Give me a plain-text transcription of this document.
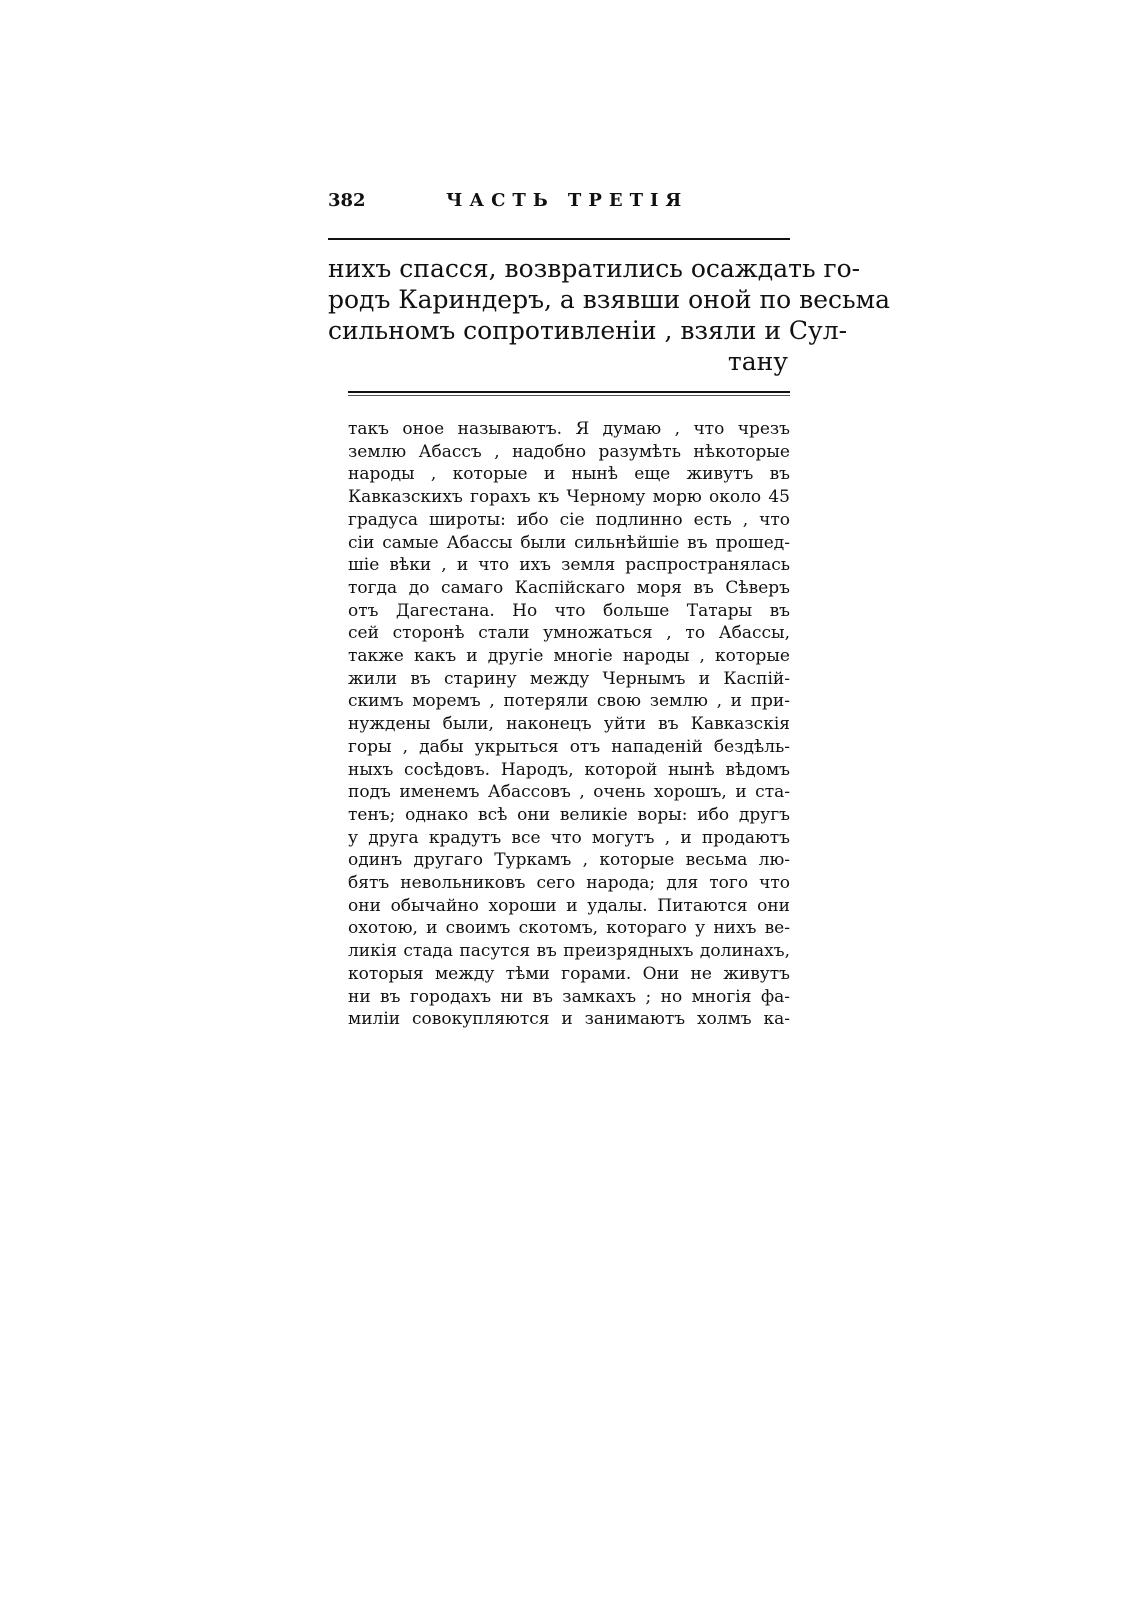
382	ЧАСТЬ ТРЕТІЯ
нихъ спасся, возвратились осаждать го-
родъ Кариндеръ, а взявши оной по весьма
сильномъ сопротивленіи , взяли и Сул-
тану
такъ оное называютъ. Я думаю , что чрезъ
землю Абассъ , надобно разумѣть нѣкоторые
народы , которые и нынѣ еще живутъ въ
Кавказскихъ горахъ къ Черному морю около 45
градуса широты: ибо сіе подлинно есть , что
сіи самые Абассы были сильнѣйшіе въ прошед-
шіе вѣки , и что ихъ земля распространялась
тогда до самаго Каспійскаго моря въ Сѣверъ
отъ Дагестана. Но что больше Татары въ
сей сторонѣ стали умножаться , то Абассы,
также какъ и другіе многіе народы , которые
жили въ старину между Чернымъ и Каспій-
скимъ моремъ , потеряли свою землю , и при-
нуждены были, наконецъ уйти въ Кавказскія
горы , дабы укрыться отъ нападеній бездѣль-
ныхъ сосѣдовъ. Народъ, которой нынѣ вѣдомъ
подъ именемъ Абассовъ , очень хорошъ, и ста-
тенъ; однако всѣ они великіе воры: ибо другъ
у друга крадутъ все что могутъ , и продаютъ
одинъ другаго Туркамъ , которые весьма лю-
бятъ невольниковъ сего народа; для того что
они обычайно хороши и удалы. Питаются они
охотою, и своимъ скотомъ, котораго у нихъ ве-
ликія стада пасутся въ преизрядныхъ долинахъ,
которыя между тѣми горами. Они не живутъ
ни въ городахъ ни въ замкахъ ; но многія фа-
миліи совокупляются и занимаютъ холмъ ка-
